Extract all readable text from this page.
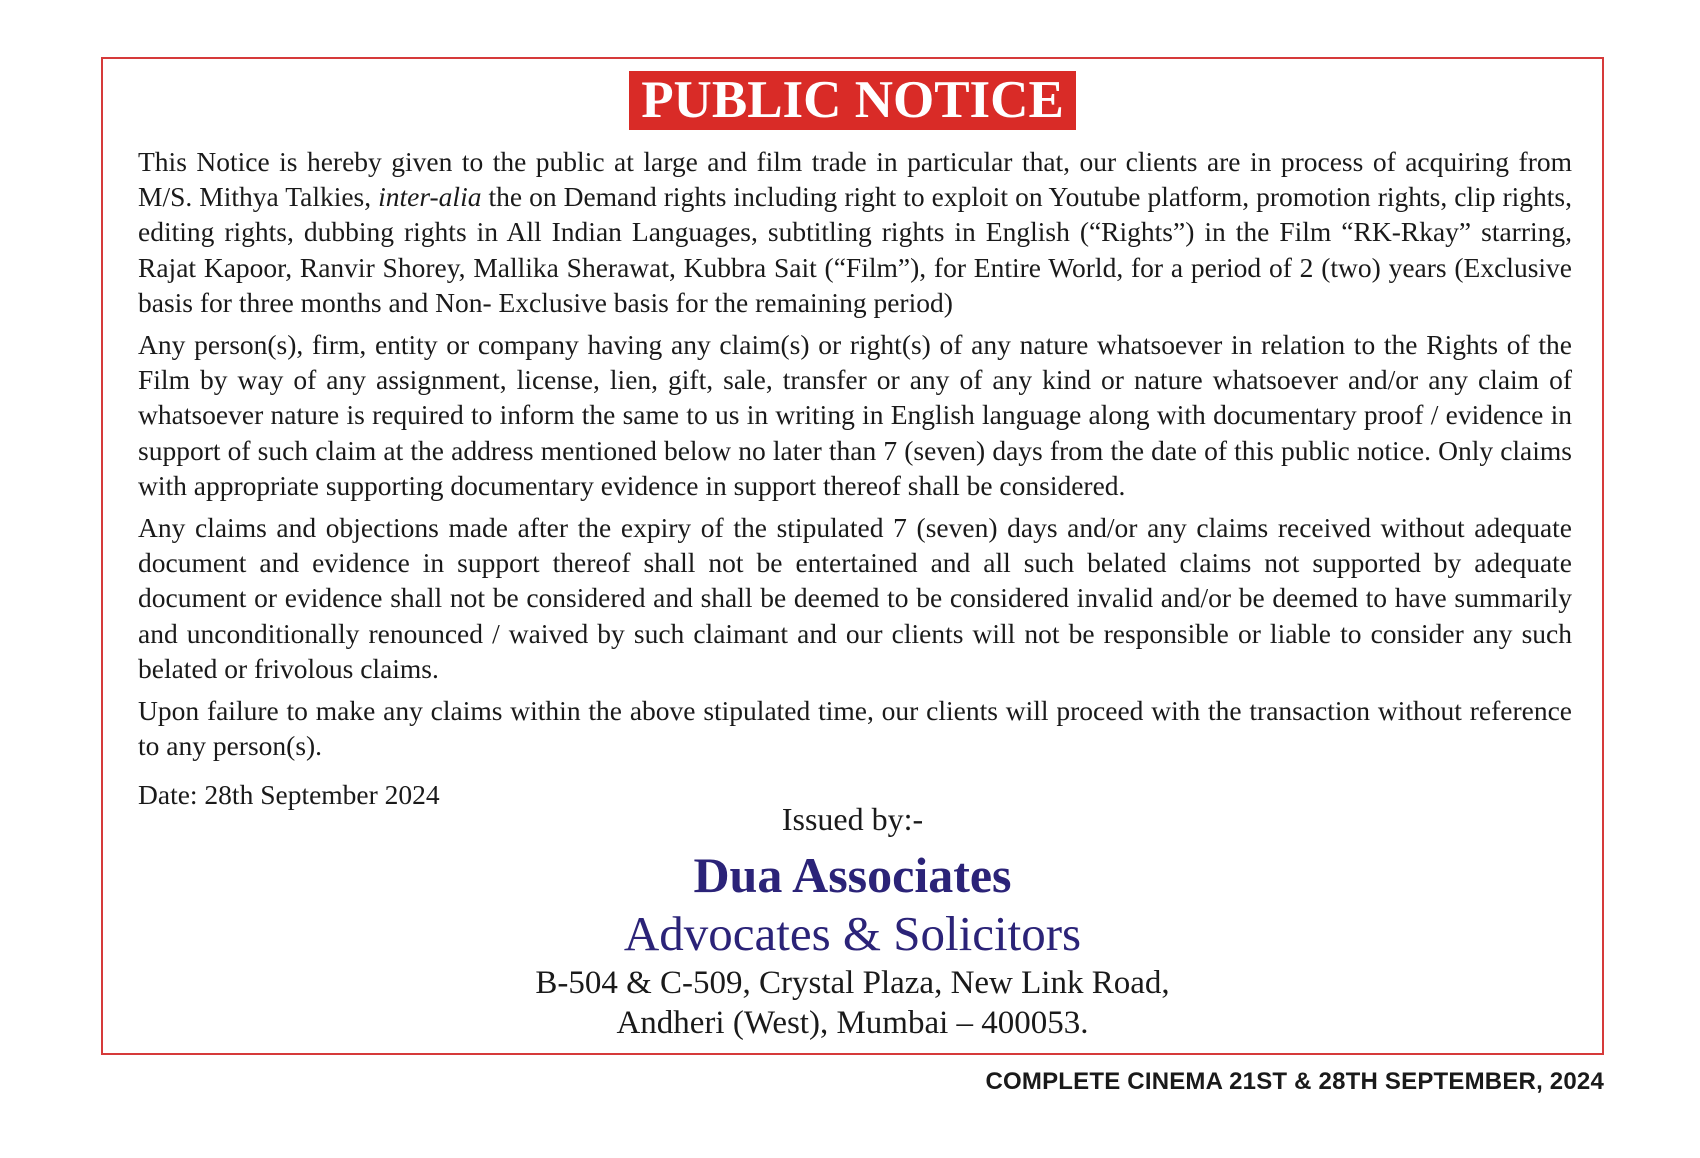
PUBLIC NOTICE

This Notice is hereby given to the public at large and film trade in particular that, our clients are in process of acquiring from M/S. Mithya Talkies, inter-alia the on Demand rights including right to exploit on Youtube platform, promotion rights, clip rights, editing rights, dubbing rights in All Indian Languages, subtitling rights in English (“Rights”) in the Film “RK-Rkay” starring, Rajat Kapoor, Ranvir Shorey, Mallika Sherawat, Kubbra Sait (“Film”), for Entire World, for a period of 2 (two) years (Exclusive basis for three months and Non- Exclusive basis for the remaining period)

Any person(s), firm, entity or company having any claim(s) or right(s) of any nature whatsoever in relation to the Rights of the Film by way of any assignment, license, lien, gift, sale, transfer or any of any kind or nature whatsoever and/or any claim of whatsoever nature is required to inform the same to us in writing in English language along with documentary proof / evidence in support of such claim at the address mentioned below no later than 7 (seven) days from the date of this public notice. Only claims with appropriate supporting documentary evidence in support thereof shall be considered.

Any claims and objections made after the expiry of the stipulated 7 (seven) days and/or any claims received without adequate document and evidence in support thereof shall not be entertained and all such belated claims not supported by adequate document or evidence shall not be considered and shall be deemed to be considered invalid and/or be deemed to have summarily and unconditionally renounced / waived by such claimant and our clients will not be responsible or liable to consider any such belated or frivolous claims.

Upon failure to make any claims within the above stipulated time, our clients will proceed with the transaction without reference to any person(s).

Date: 28th September 2024

Issued by:-
Dua Associates
Advocates & Solicitors
B-504 & C-509, Crystal Plaza, New Link Road,
Andheri (West), Mumbai – 400053.
COMPLETE CINEMA 21ST & 28TH SEPTEMBER, 2024
